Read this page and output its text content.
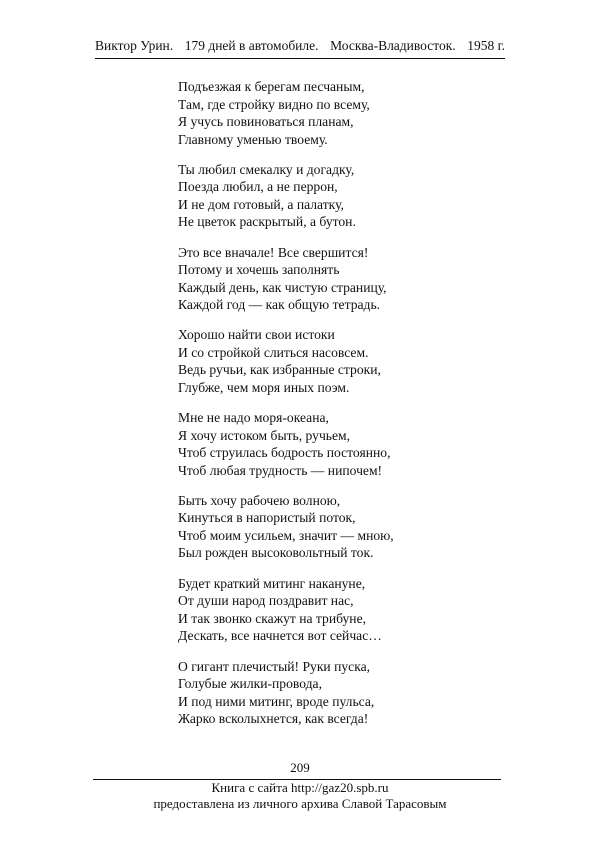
Виктор Урин. 179 дней в автомобиле. Москва-Владивосток. 1958 г.
Подъезжая к берегам песчаным,
Там, где стройку видно по всему,
Я учусь повиноваться планам,
Главному уменью твоему.
Ты любил смекалку и догадку,
Поезда любил, а не перрон,
И не дом готовый, а палатку,
Не цветок раскрытый, а бутон.
Это все вначале! Все свершится!
Потому и хочешь заполнять
Каждый день, как чистую страницу,
Каждой год — как общую тетрадь.
Хорошо найти свои истоки
И со стройкой слиться насовсем.
Ведь ручьи, как избранные строки,
Глубже, чем моря иных поэм.
Мне не надо моря-океана,
Я хочу истоком быть, ручьем,
Чтоб струилась бодрость постоянно,
Чтоб любая трудность — нипочем!
Быть хочу рабочею волною,
Кинуться в напористый поток,
Чтоб моим усильем, значит — мною,
Был рожден высоковольтный ток.
Будет краткий митинг накануне,
От души народ поздравит нас,
И так звонко скажут на трибуне,
Дескать, все начнется вот сейчас…
О гигант плечистый! Руки пуска,
Голубые жилки-провода,
И под ними митинг, вроде пульса,
Жарко всколыхнется, как всегда!
209
Книга с сайта http://gaz20.spb.ru
предоставлена из личного архива Славой Тарасовым
